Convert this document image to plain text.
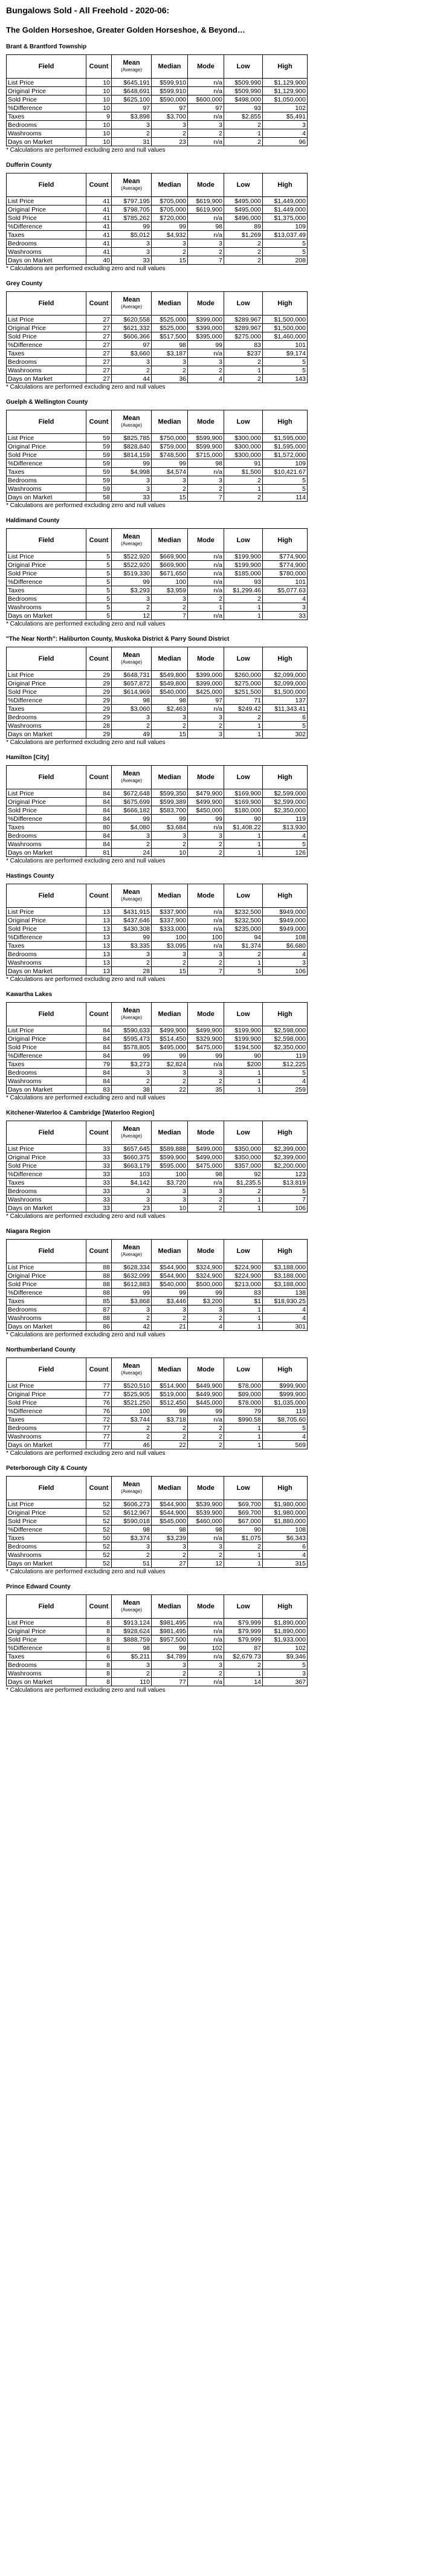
Bungalows Sold - All Freehold - 2020-06:
The Golden Horseshoe, Greater Golden Horseshoe, & Beyond…
Brant & Brantford Township
Field	Count	Mean
(Average)	Median	Mode	Low	High
List Price	10	$645,191	$599,910	n/a	$509,990	$1,129,900
Original Price	10	$648,691	$599,910	n/a	$509,990	$1,129,900
Sold Price	10	$625,100	$590,000	$600,000	$498,000	$1,050,000
%Difference	10	97	97	97	93	102
Taxes	9	$3,898	$3,700	n/a	$2,855	$5,491
Bedrooms	10	3	3	3	2	3
Washrooms	10	2	2	2	1	4
Days on Market	10	31	23	n/a	2	96
* Calculations are performed excluding zero and null values
Dufferin County
Field	Count	Mean
(Average)	Median	Mode	Low	High
List Price	41	$797,195	$705,000	$619,900	$495,000	$1,449,000
Original Price	41	$798,705	$705,000	$619,900	$495,000	$1,449,000
Sold Price	41	$785,262	$720,000	n/a	$496,000	$1,375,000
%Difference	41	99	99	98	89	109
Taxes	41	$5,012	$4,932	n/a	$1,269	$13,037.49
Bedrooms	41	3	3	3	2	5
Washrooms	41	3	2	2	2	5
Days on Market	40	33	15	7	2	208
* Calculations are performed excluding zero and null values
Grey County
Field	Count	Mean
(Average)	Median	Mode	Low	High
List Price	27	$620,558	$525,000	$399,000	$289,967	$1,500,000
Original Price	27	$621,332	$525,000	$399,000	$289,967	$1,500,000
Sold Price	27	$606,366	$517,500	$395,000	$275,000	$1,460,000
%Difference	27	97	98	99	83	101
Taxes	27	$3,660	$3,187	n/a	$237	$9,174
Bedrooms	27	3	3	3	2	5
Washrooms	27	2	2	2	1	5
Days on Market	27	44	36	4	2	143
* Calculations are performed excluding zero and null values
Guelph & Wellington County
Field	Count	Mean
(Average)	Median	Mode	Low	High
List Price	59	$825,785	$750,000	$599,900	$300,000	$1,595,000
Original Price	59	$828,840	$759,000	$599,900	$300,000	$1,595,000
Sold Price	59	$814,159	$748,500	$715,000	$300,000	$1,572,000
%Difference	59	99	99	98	91	109
Taxes	59	$4,998	$4,574	n/a	$1,500	$10,421.67
Bedrooms	59	3	3	3	2	5
Washrooms	59	3	2	2	1	5
Days on Market	58	33	15	7	2	114
* Calculations are performed excluding zero and null values
Haldimand County
Field	Count	Mean
(Average)	Median	Mode	Low	High
List Price	5	$522,920	$669,900	n/a	$199,900	$774,900
Original Price	5	$522,920	$669,900	n/a	$199,900	$774,900
Sold Price	5	$519,330	$671,650	n/a	$185,000	$780,000
%Difference	5	99	100	n/a	93	101
Taxes	5	$3,293	$3,959	n/a	$1,299.46	$5,077.63
Bedrooms	5	3	3	2	2	4
Washrooms	5	2	2	1	1	3
Days on Market	5	12	7	n/a	1	33
* Calculations are performed excluding zero and null values
"The Near North": Haliburton County, Muskoka District & Parry Sound District
Field	Count	Mean
(Average)	Median	Mode	Low	High
List Price	29	$648,731	$549,800	$399,000	$260,000	$2,099,000
Original Price	29	$657,872	$549,800	$399,000	$275,000	$2,099,000
Sold Price	29	$614,969	$540,000	$425,000	$251,500	$1,500,000
%Difference	29	98	98	97	71	137
Taxes	29	$3,060	$2,463	n/a	$249.42	$11,343.41
Bedrooms	29	3	3	3	2	6
Washrooms	28	2	2	2	1	5
Days on Market	29	49	15	3	1	302
* Calculations are performed excluding zero and null values
Hamilton [City]
Field	Count	Mean
(Average)	Median	Mode	Low	High
List Price	84	$672,648	$599,350	$479,900	$169,900	$2,599,000
Original Price	84	$675,699	$599,389	$499,900	$169,900	$2,599,000
Sold Price	84	$666,182	$583,700	$450,000	$180,000	$2,350,000
%Difference	84	99	99	99	90	119
Taxes	80	$4,080	$3,684	n/a	$1,408.22	$13,930
Bedrooms	84	3	3	3	1	4
Washrooms	84	2	2	2	1	5
Days on Market	81	24	10	2	1	126
* Calculations are performed excluding zero and null values
Hastings County
Field	Count	Mean
(Average)	Median	Mode	Low	High
List Price	13	$431,915	$337,900	n/a	$232,500	$949,000
Original Price	13	$437,646	$337,900	n/a	$232,500	$949,000
Sold Price	13	$430,308	$333,000	n/a	$235,000	$949,000
%Difference	13	99	100	100	94	108
Taxes	13	$3,335	$3,095	n/a	$1,374	$6,680
Bedrooms	13	3	3	3	2	4
Washrooms	13	2	2	2	1	3
Days on Market	13	28	15	7	5	106
* Calculations are performed excluding zero and null values
Kawartha Lakes
Field	Count	Mean
(Average)	Median	Mode	Low	High
List Price	84	$590,633	$499,900	$499,900	$199,900	$2,598,000
Original Price	84	$595,473	$514,450	$329,900	$199,900	$2,598,000
Sold Price	84	$578,805	$495,000	$475,000	$194,500	$2,350,000
%Difference	84	99	99	99	90	119
Taxes	79	$3,273	$2,824	n/a	$200	$12,225
Bedrooms	84	3	3	3	1	5
Washrooms	84	2	2	2	1	4
Days on Market	83	38	22	35	1	259
* Calculations are performed excluding zero and null values
Kitchener-Waterloo & Cambridge [Waterloo Region]
Field	Count	Mean
(Average)	Median	Mode	Low	High
List Price	33	$657,645	$589,888	$499,000	$350,000	$2,399,000
Original Price	33	$660,375	$599,900	$499,000	$350,000	$2,399,000
Sold Price	33	$663,179	$595,000	$475,000	$357,000	$2,200,000
%Difference	33	103	100	98	92	123
Taxes	33	$4,142	$3,720	n/a	$1,235.5	$13,819
Bedrooms	33	3	3	3	2	5
Washrooms	33	3	3	2	1	7
Days on Market	33	23	10	2	1	106
* Calculations are performed excluding zero and null values
Niagara Region
Field	Count	Mean
(Average)	Median	Mode	Low	High
List Price	88	$628,334	$544,900	$324,900	$224,900	$3,188,000
Original Price	88	$632,099	$544,900	$324,900	$224,900	$3,188,000
Sold Price	88	$612,883	$540,000	$500,000	$213,000	$3,188,000
%Difference	88	99	99	99	83	138
Taxes	85	$3,868	$3,446	$3,200	$1	$18,930.25
Bedrooms	87	3	3	3	1	4
Washrooms	88	2	2	2	1	4
Days on Market	86	42	21	4	1	301
* Calculations are performed excluding zero and null values
Northumberland County
Field	Count	Mean
(Average)	Median	Mode	Low	High
List Price	77	$520,510	$514,900	$449,900	$78,000	$999,900
Original Price	77	$525,905	$519,000	$449,900	$89,000	$999,900
Sold Price	76	$521,250	$512,450	$445,000	$78,000	$1,035,000
%Difference	76	100	99	99	79	119
Taxes	72	$3,744	$3,718	n/a	$990.58	$8,705.60
Bedrooms	77	2	2	2	1	5
Washrooms	77	2	2	2	1	4
Days on Market	77	46	22	2	1	569
* Calculations are performed excluding zero and null values
Peterborough City & County
Field	Count	Mean
(Average)	Median	Mode	Low	High
List Price	52	$606,273	$544,900	$539,900	$69,700	$1,980,000
Original Price	52	$612,967	$544,900	$539,900	$69,700	$1,980,000
Sold Price	52	$590,018	$545,000	$460,000	$67,000	$1,880,000
%Difference	52	98	98	98	90	108
Taxes	50	$3,374	$3,239	n/a	$1,075	$6,343
Bedrooms	52	3	3	3	2	6
Washrooms	52	2	2	2	1	4
Days on Market	52	51	27	12	1	315
* Calculations are performed excluding zero and null values
Prince Edward County
Field	Count	Mean
(Average)	Median	Mode	Low	High
List Price	8	$913,124	$981,495	n/a	$79,999	$1,890,000
Original Price	8	$928,624	$981,495	n/a	$79,999	$1,890,000
Sold Price	8	$888,759	$957,500	n/a	$79,999	$1,933,000
%Difference	8	98	99	102	87	102
Taxes	6	$5,211	$4,789	n/a	$2,679.73	$9,346
Bedrooms	8	3	3	3	2	5
Washrooms	8	2	2	2	1	3
Days on Market	8	110	77	n/a	14	367
* Calculations are performed excluding zero and null values
